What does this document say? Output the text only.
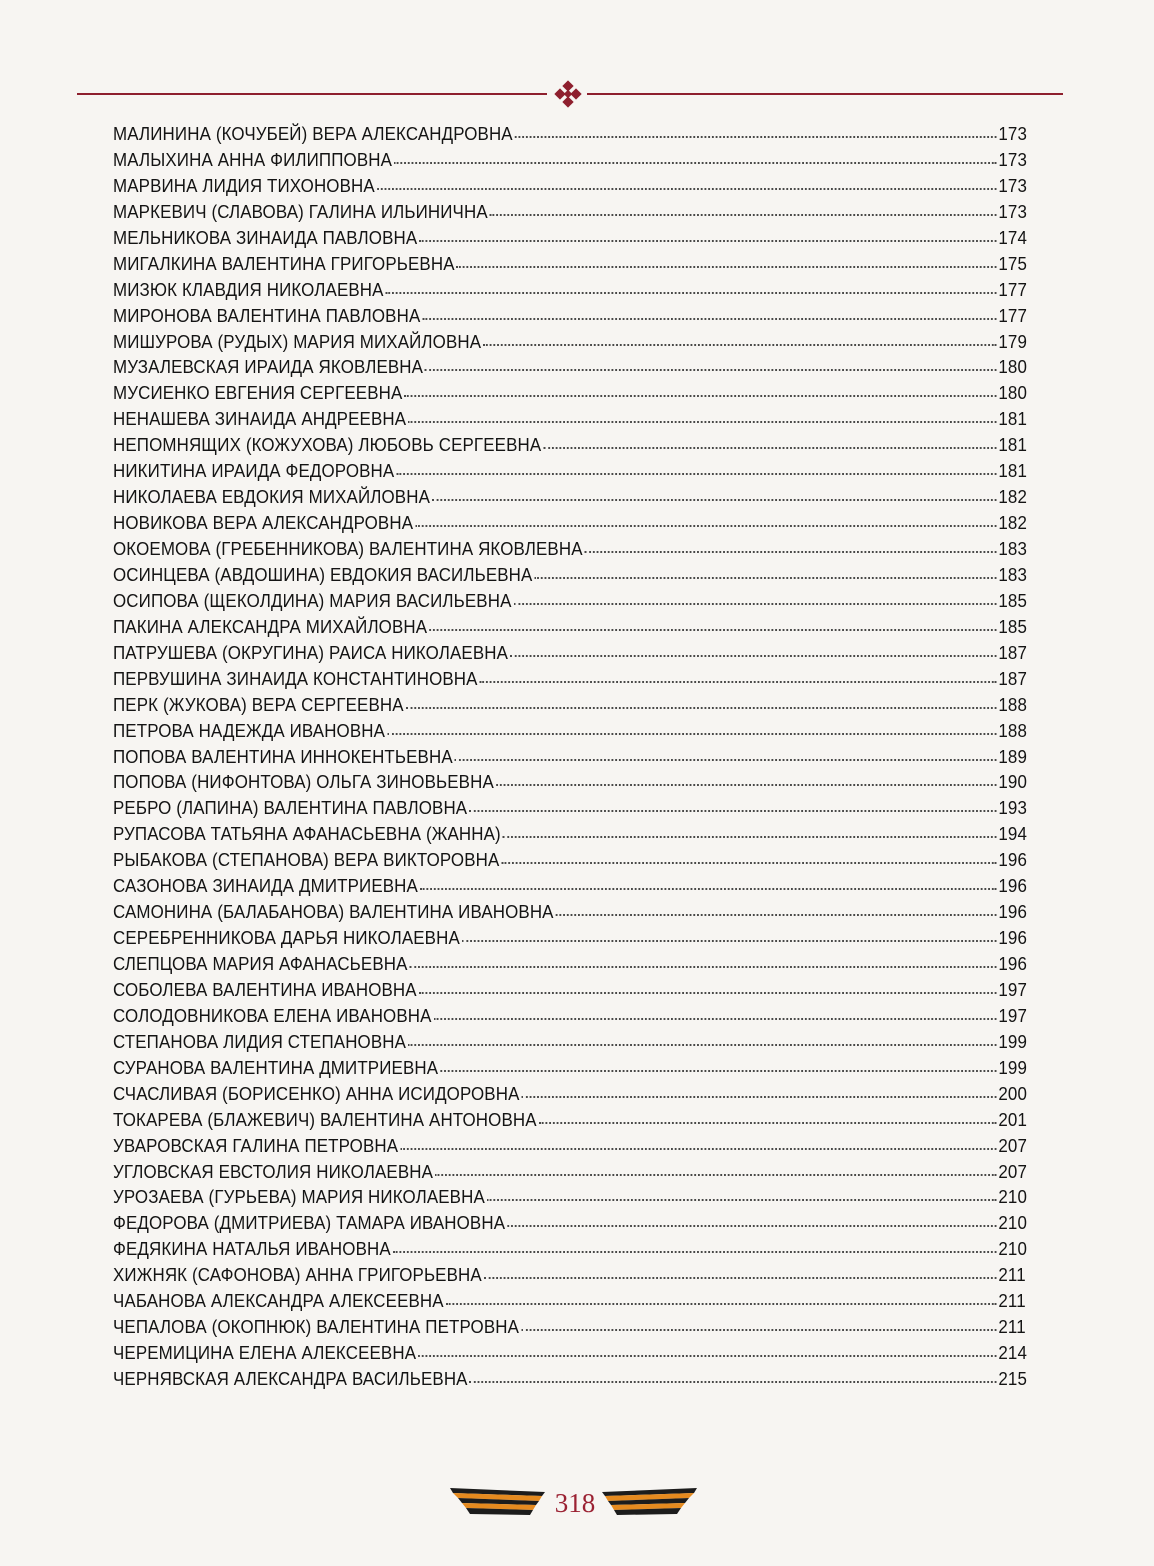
МАЛИНИНА (КОЧУБЕЙ) ВЕРА АЛЕКСАНДРОВНА	173
МАЛЫХИНА АННА ФИЛИППОВНА	173
МАРВИНА ЛИДИЯ ТИХОНОВНА	173
МАРКЕВИЧ (СЛАВОВА) ГАЛИНА ИЛЬИНИЧНА	173
МЕЛЬНИКОВА ЗИНАИДА ПАВЛОВНА	174
МИГАЛКИНА ВАЛЕНТИНА ГРИГОРЬЕВНА	175
МИЗЮК КЛАВДИЯ НИКОЛАЕВНА	177
МИРОНОВА ВАЛЕНТИНА ПАВЛОВНА	177
МИШУРОВА (РУДЫХ) МАРИЯ МИХАЙЛОВНА	179
МУЗАЛЕВСКАЯ ИРАИДА ЯКОВЛЕВНА	180
МУСИЕНКО ЕВГЕНИЯ СЕРГЕЕВНА	180
НЕНАШЕВА ЗИНАИДА АНДРЕЕВНА	181
НЕПОМНЯЩИХ (КОЖУХОВА) ЛЮБОВЬ СЕРГЕЕВНА	181
НИКИТИНА ИРАИДА ФЕДОРОВНА	181
НИКОЛАЕВА ЕВДОКИЯ МИХАЙЛОВНА	182
НОВИКОВА ВЕРА АЛЕКСАНДРОВНА	182
ОКОЕМОВА (ГРЕБЕННИКОВА) ВАЛЕНТИНА ЯКОВЛЕВНА	183
ОСИНЦЕВА (АВДОШИНА) ЕВДОКИЯ ВАСИЛЬЕВНА	183
ОСИПОВА (ЩЕКОЛДИНА) МАРИЯ ВАСИЛЬЕВНА	185
ПАКИНА АЛЕКСАНДРА МИХАЙЛОВНА	185
ПАТРУШЕВА (ОКРУГИНА) РАИСА НИКОЛАЕВНА	187
ПЕРВУШИНА ЗИНАИДА КОНСТАНТИНОВНА	187
ПЕРК (ЖУКОВА) ВЕРА СЕРГЕЕВНА	188
ПЕТРОВА НАДЕЖДА ИВАНОВНА	188
ПОПОВА ВАЛЕНТИНА ИННОКЕНТЬЕВНА	189
ПОПОВА (НИФОНТОВА) ОЛЬГА ЗИНОВЬЕВНА	190
РЕБРО (ЛАПИНА) ВАЛЕНТИНА ПАВЛОВНА	193
РУПАСОВА ТАТЬЯНА АФАНАСЬЕВНА (ЖАННА)	194
РЫБАКОВА (СТЕПАНОВА) ВЕРА ВИКТОРОВНА	196
САЗОНОВА ЗИНАИДА ДМИТРИЕВНА	196
САМОНИНА (БАЛАБАНОВА) ВАЛЕНТИНА ИВАНОВНА	196
СЕРЕБРЕННИКОВА ДАРЬЯ НИКОЛАЕВНА	196
СЛЕПЦОВА МАРИЯ АФАНАСЬЕВНА	196
СОБОЛЕВА ВАЛЕНТИНА ИВАНОВНА	197
СОЛОДОВНИКОВА ЕЛЕНА ИВАНОВНА	197
СТЕПАНОВА ЛИДИЯ СТЕПАНОВНА	199
СУРАНОВА ВАЛЕНТИНА ДМИТРИЕВНА	199
СЧАСЛИВАЯ (БОРИСЕНКО) АННА ИСИДОРОВНА	200
ТОКАРЕВА (БЛАЖЕВИЧ) ВАЛЕНТИНА АНТОНОВНА	201
УВАРОВСКАЯ ГАЛИНА ПЕТРОВНА	207
УГЛОВСКАЯ ЕВСТОЛИЯ НИКОЛАЕВНА	207
УРОЗАЕВА (ГУРЬЕВА) МАРИЯ НИКОЛАЕВНА	210
ФЕДОРОВА (ДМИТРИЕВА) ТАМАРА ИВАНОВНА	210
ФЕДЯКИНА НАТАЛЬЯ ИВАНОВНА	210
ХИЖНЯК (САФОНОВА) АННА ГРИГОРЬЕВНА	211
ЧАБАНОВА АЛЕКСАНДРА АЛЕКСЕЕВНА	211
ЧЕПАЛОВА (ОКОПНЮК) ВАЛЕНТИНА ПЕТРОВНА	211
ЧЕРЕМИЦИНА ЕЛЕНА АЛЕКСЕЕВНА	214
ЧЕРНЯВСКАЯ АЛЕКСАНДРА ВАСИЛЬЕВНА	215
318
